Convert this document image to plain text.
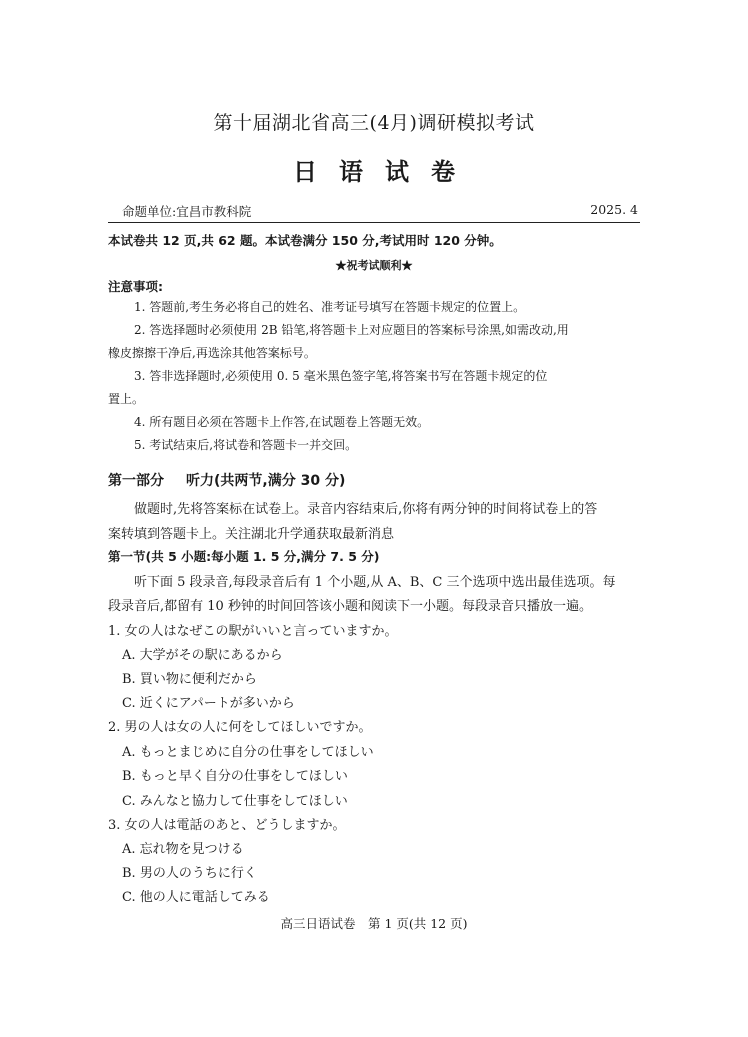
第十届湖北省高三(4月)调研模拟考试
日语试卷
命题单位:宜昌市教科院	2025. 4
本试卷共 12 页,共 62 题。本试卷满分 150 分,考试用时 120 分钟。
★祝考试顺利★
注意事项:
1. 答题前,考生务必将自己的姓名、准考证号填写在答题卡规定的位置上。
2. 答选择题时必须使用 2B 铅笔,将答题卡上对应题目的答案标号涂黑,如需改动,用
橡皮擦擦干净后,再选涂其他答案标号。
3. 答非选择题时,必须使用 0. 5 毫米黑色签字笔,将答案书写在答题卡规定的位
置上。
4. 所有题目必须在答题卡上作答,在试题卷上答题无效。
5. 考试结束后,将试卷和答题卡一并交回。
第一部分 听力(共两节,满分 30 分)
做题时,先将答案标在试卷上。录音内容结束后,你将有两分钟的时间将试卷上的答
案转填到答题卡上。关注湖北升学通获取最新消息
第一节(共 5 小题:每小题 1. 5 分,满分 7. 5 分)
听下面 5 段录音,每段录音后有 1 个小题,从 A、B、C 三个选项中选出最佳选项。每
段录音后,都留有 10 秒钟的时间回答该小题和阅读下一小题。每段录音只播放一遍。
1. 女の人はなぜこの駅がいいと言っていますか。
A. 大学がその駅にあるから
B. 買い物に便利だから
C. 近くにアパートが多いから
2. 男の人は女の人に何をしてほしいですか。
A. もっとまじめに自分の仕事をしてほしい
B. もっと早く自分の仕事をしてほしい
C. みんなと協力して仕事をしてほしい
3. 女の人は電話のあと、どうしますか。
A. 忘れ物を見つける
B. 男の人のうちに行く
C. 他の人に電話してみる
高三日语试卷　第 1 页(共 12 页)
